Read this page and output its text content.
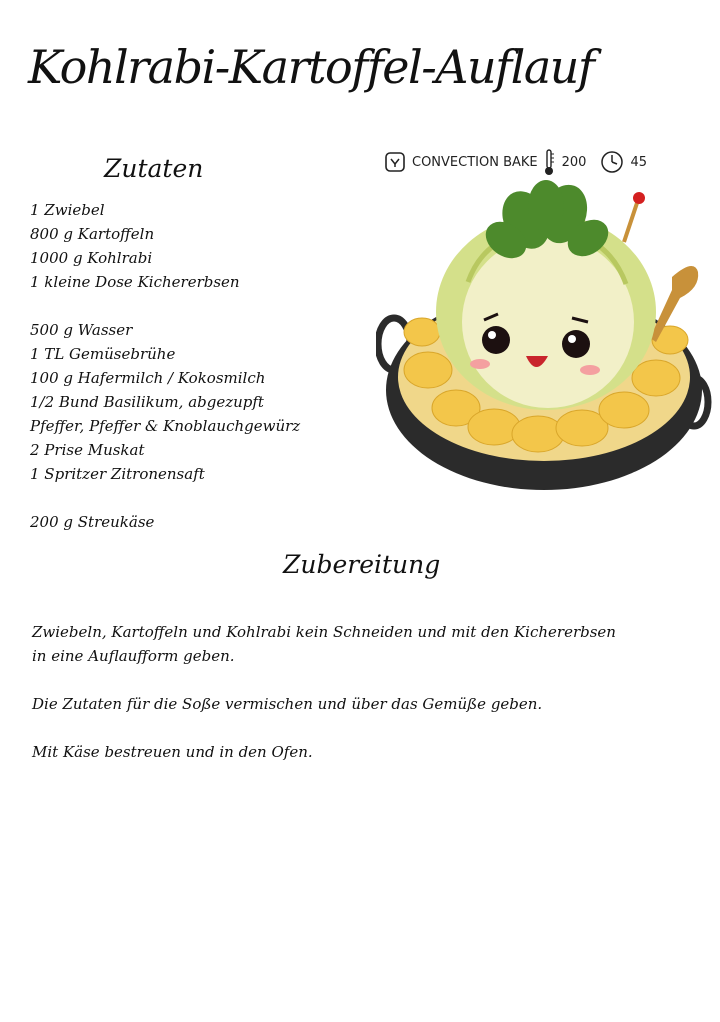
Kohlrabi-Kartoffel-Auflauf
CONVECTION BAKE 200	45
Zutaten
1 Zwiebel
800 g Kartoffeln
1000 g Kohlrabi
1 kleine Dose Kichererbsen
500 g Wasser
1 TL Gemüsebrühe
100 g Hafermilch / Kokosmilch
1/2 Bund Basilikum, abgezupft
Pfeffer, Pfeffer & Knoblauchgewürz
2 Prise Muskat
1 Spritzer Zitronensaft
200 g Streukäse
Zubereitung
Zwiebeln, Kartoffeln und Kohlrabi kein Schneiden und mit den Kichererbsen in eine Auflaufform geben.
Die Zutaten für die Soße vermischen und über das Gemüße geben.
Mit Käse bestreuen und in den Ofen.
